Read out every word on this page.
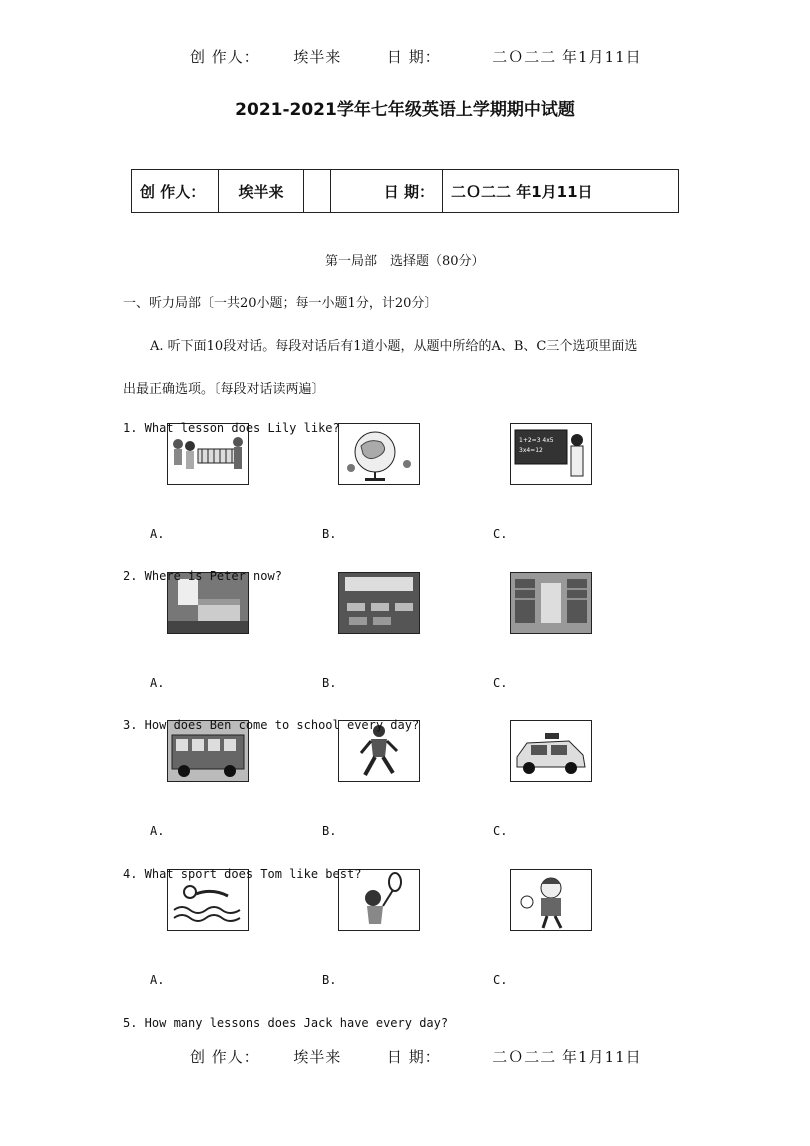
创 作人： 埃半来	日 期：	二Ｏ二二 年1月11日
2021-2021学年七年级英语上学期期中试题
创 作人：	埃半来		日 期：	二Ｏ二二 年1月11日
第一局部　选择题（80分）
一、听力局部〔一共20小题；每一小题1分，计20分〕
A. 听下面10段对话。每段对话后有1道小题，从题中所给的A、B、C三个选项里面选
出最正确选项。〔每段对话读两遍〕
1. What lesson does Lily like?
1+2=3 4x5
3x4=12
A.	B.	C.
2. Where is Peter now?
A.	B.	C.
3. How does Ben come to school every day?
A.	B.	C.
4. What sport does Tom like best?
A.	B.	C.
5. How many lessons does Jack have every day?
创 作人： 埃半来	日 期：	二Ｏ二二 年1月11日
